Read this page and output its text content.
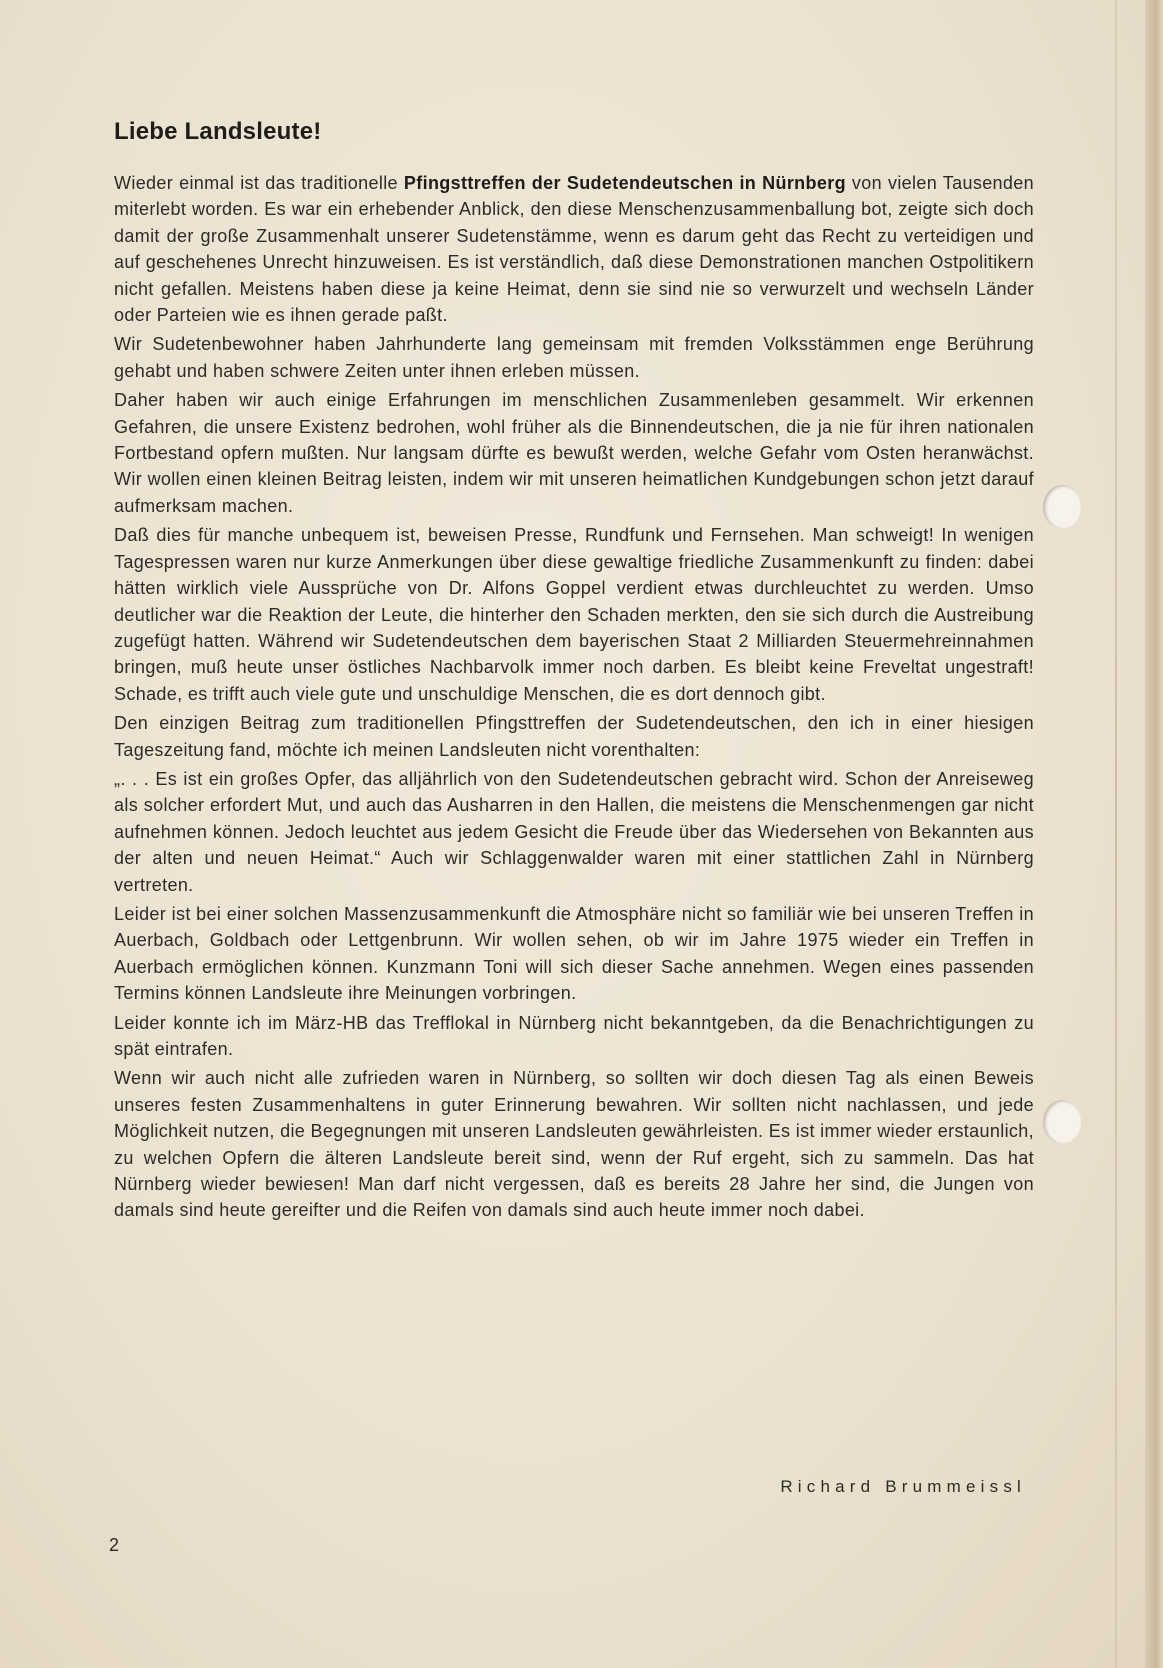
Liebe Landsleute!

Wieder einmal ist das traditionelle Pfingsttreffen der Sudetendeutschen in Nürnberg von vielen Tausenden miterlebt worden. Es war ein erhebender Anblick, den diese Menschenzusammenballung bot, zeigte sich doch damit der große Zusammenhalt unserer Sudetenstämme, wenn es darum geht das Recht zu verteidigen und auf geschehenes Unrecht hinzuweisen. Es ist verständlich, daß diese Demonstrationen manchen Ostpolitikern nicht gefallen. Meistens haben diese ja keine Heimat, denn sie sind nie so verwurzelt und wechseln Länder oder Parteien wie es ihnen gerade paßt.

Wir Sudetenbewohner haben Jahrhunderte lang gemeinsam mit fremden Volksstämmen enge Berührung gehabt und haben schwere Zeiten unter ihnen erleben müssen.

Daher haben wir auch einige Erfahrungen im menschlichen Zusammenleben gesammelt. Wir erkennen Gefahren, die unsere Existenz bedrohen, wohl früher als die Binnendeutschen, die ja nie für ihren nationalen Fortbestand opfern mußten. Nur langsam dürfte es bewußt werden, welche Gefahr vom Osten heranwächst. Wir wollen einen kleinen Beitrag leisten, indem wir mit unseren heimatlichen Kundgebungen schon jetzt darauf aufmerksam machen.

Daß dies für manche unbequem ist, beweisen Presse, Rundfunk und Fernsehen. Man schweigt! In wenigen Tagespressen waren nur kurze Anmerkungen über diese gewaltige friedliche Zusammenkunft zu finden: dabei hätten wirklich viele Aussprüche von Dr. Alfons Goppel verdient etwas durchleuchtet zu werden. Umso deutlicher war die Reaktion der Leute, die hinterher den Schaden merkten, den sie sich durch die Austreibung zugefügt hatten. Während wir Sudetendeutschen dem bayerischen Staat 2 Milliarden Steuermehreinnahmen bringen, muß heute unser östliches Nachbarvolk immer noch darben. Es bleibt keine Freveltat ungestraft! Schade, es trifft auch viele gute und unschuldige Menschen, die es dort dennoch gibt.

Den einzigen Beitrag zum traditionellen Pfingsttreffen der Sudetendeutschen, den ich in einer hiesigen Tageszeitung fand, möchte ich meinen Landsleuten nicht vorenthalten:

„. . . Es ist ein großes Opfer, das alljährlich von den Sudetendeutschen gebracht wird. Schon der Anreiseweg als solcher erfordert Mut, und auch das Ausharren in den Hallen, die meistens die Menschenmengen gar nicht aufnehmen können. Jedoch leuchtet aus jedem Gesicht die Freude über das Wiedersehen von Bekannten aus der alten und neuen Heimat.“ Auch wir Schlaggenwalder waren mit einer stattlichen Zahl in Nürnberg vertreten.

Leider ist bei einer solchen Massenzusammenkunft die Atmosphäre nicht so familiär wie bei unseren Treffen in Auerbach, Goldbach oder Lettgenbrunn. Wir wollen sehen, ob wir im Jahre 1975 wieder ein Treffen in Auerbach ermöglichen können. Kunzmann Toni will sich dieser Sache annehmen. Wegen eines passenden Termins können Landsleute ihre Meinungen vorbringen.

Leider konnte ich im März-HB das Trefflokal in Nürnberg nicht bekanntgeben, da die Benachrichtigungen zu spät eintrafen.

Wenn wir auch nicht alle zufrieden waren in Nürnberg, so sollten wir doch diesen Tag als einen Beweis unseres festen Zusammenhaltens in guter Erinnerung bewahren. Wir sollten nicht nachlassen, und jede Möglichkeit nutzen, die Begegnungen mit unseren Landsleuten gewährleisten. Es ist immer wieder erstaunlich, zu welchen Opfern die älteren Landsleute bereit sind, wenn der Ruf ergeht, sich zu sammeln. Das hat Nürnberg wieder bewiesen! Man darf nicht vergessen, daß es bereits 28 Jahre her sind, die Jungen von damals sind heute gereifter und die Reifen von damals sind auch heute immer noch dabei.

Richard Brummeissl
2
